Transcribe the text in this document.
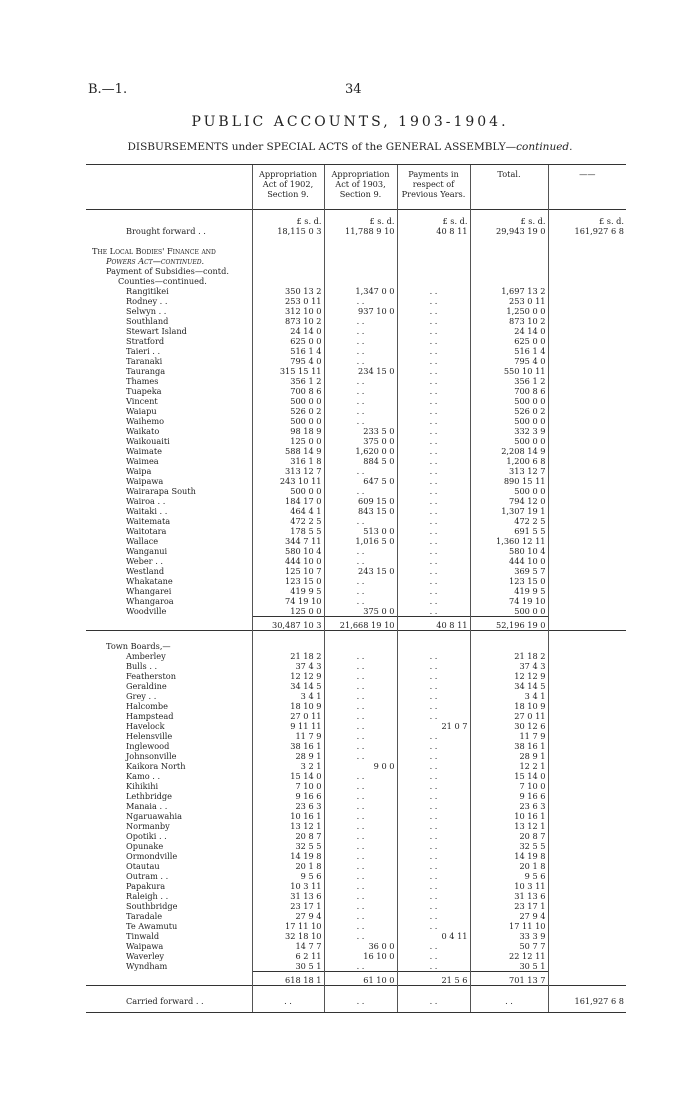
B.—1.	34
PUBLIC ACCOUNTS, 1903-1904.
DISBURSEMENTS under SPECIAL ACTS of the GENERAL ASSEMBLY—continued.
	Appropriation Act of 1902, Section 9.	Appropriation Act of 1903, Section 9.	Payments in respect of Previous Years.	Total.	——
	£ s. d.	£ s. d.	£ s. d.	£ s. d.	£ s. d.
Brought forward . .	18,115 0 3	11,788 9 10	40 8 11	29,943 19 0	161,927 6 8

The Local Bodies' Finance and					
Powers Act—continued.					
Payment of Subsidies—contd.					
Counties—continued.					
Rangitikei	350 13 2	1,347 0 0	. .	1,697 13 2	
Rodney . .	253 0 11	. .	. .	253 0 11	
Selwyn . .	312 10 0	937 10 0	. .	1,250 0 0	
Southland	873 10 2	. .	. .	873 10 2	
Stewart Island	24 14 0	. .	. .	24 14 0	
Stratford	625 0 0	. .	. .	625 0 0	
Taieri . .	516 1 4	. .	. .	516 1 4	
Taranaki	795 4 0	. .	. .	795 4 0	
Tauranga	315 15 11	234 15 0	. .	550 10 11	
Thames	356 1 2	. .	. .	356 1 2	
Tuapeka	700 8 6	. .	. .	700 8 6	
Vincent	500 0 0	. .	. .	500 0 0	
Waiapu	526 0 2	. .	. .	526 0 2	
Waihemo	500 0 0	. .	. .	500 0 0	
Waikato	98 18 9	233 5 0	. .	332 3 9	
Waikouaiti	125 0 0	375 0 0	. .	500 0 0	
Waimate	588 14 9	1,620 0 0	. .	2,208 14 9	
Waimea	316 1 8	884 5 0	. .	1,200 6 8	
Waipa	313 12 7	. .	. .	313 12 7	
Waipawa	243 10 11	647 5 0	. .	890 15 11	
Wairarapa South	500 0 0	. .	. .	500 0 0	
Wairoa . .	184 17 0	609 15 0	. .	794 12 0	
Waitaki . .	464 4 1	843 15 0	. .	1,307 19 1	
Waitemata	472 2 5	. .	. .	472 2 5	
Waitotara	178 5 5	513 0 0	. .	691 5 5	
Wallace	344 7 11	1,016 5 0	. .	1,360 12 11	
Wanganui	580 10 4	. .	. .	580 10 4	
Weber . .	444 10 0	. .	. .	444 10 0	
Westland	125 10 7	243 15 0	. .	369 5 7	
Whakatane	123 15 0	. .	. .	123 15 0	
Whangarei	419 9 5	. .	. .	419 9 5	
Whangaroa	74 19 10	. .	. .	74 19 10	
Woodville	125 0 0	375 0 0	. .	500 0 0	
	30,487 10 3	21,668 19 10	40 8 11	52,196 19 0	

Town Boards,—					
Amberley	21 18 2	. .	. .	21 18 2	
Bulls . .	37 4 3	. .	. .	37 4 3	
Featherston	12 12 9	. .	. .	12 12 9	
Geraldine	34 14 5	. .	. .	34 14 5	
Grey . .	3 4 1	. .	. .	3 4 1	
Halcombe	18 10 9	. .	. .	18 10 9	
Hampstead	27 0 11	. .	. .	27 0 11	
Havelock	9 11 11	. .	21 0 7	30 12 6	
Helensville	11 7 9	. .	. .	11 7 9	
Inglewood	38 16 1	. .	. .	38 16 1	
Johnsonville	28 9 1	. .	. .	28 9 1	
Kaikora North	3 2 1	9 0 0	. .	12 2 1	
Kamo . .	15 14 0	. .	. .	15 14 0	
Kihikihi	7 10 0	. .	. .	7 10 0	
Lethbridge	9 16 6	. .	. .	9 16 6	
Manaia . .	23 6 3	. .	. .	23 6 3	
Ngaruawahia	10 16 1	. .	. .	10 16 1	
Normanby	13 12 1	. .	. .	13 12 1	
Opotiki . .	20 8 7	. .	. .	20 8 7	
Opunake	32 5 5	. .	. .	32 5 5	
Ormondville	14 19 8	. .	. .	14 19 8	
Otautau	20 1 8	. .	. .	20 1 8	
Outram . .	9 5 6	. .	. .	9 5 6	
Papakura	10 3 11	. .	. .	10 3 11	
Raleigh . .	31 13 6	. .	. .	31 13 6	
Southbridge	23 17 1	. .	. .	23 17 1	
Taradale	27 9 4	. .	. .	27 9 4	
Te Awamutu	17 11 10	. .	. .	17 11 10	
Tinwald	32 18 10	. .	0 4 11	33 3 9	
Waipawa	14 7 7	36 0 0	. .	50 7 7	
Waverley	6 2 11	16 10 0	. .	22 12 11	
Wyndham	30 5 1	. .	. .	30 5 1	
	618 18 1	61 10 0	21 5 6	701 13 7	

Carried forward . .	. .	. .	. .	. .	161,927 6 8
